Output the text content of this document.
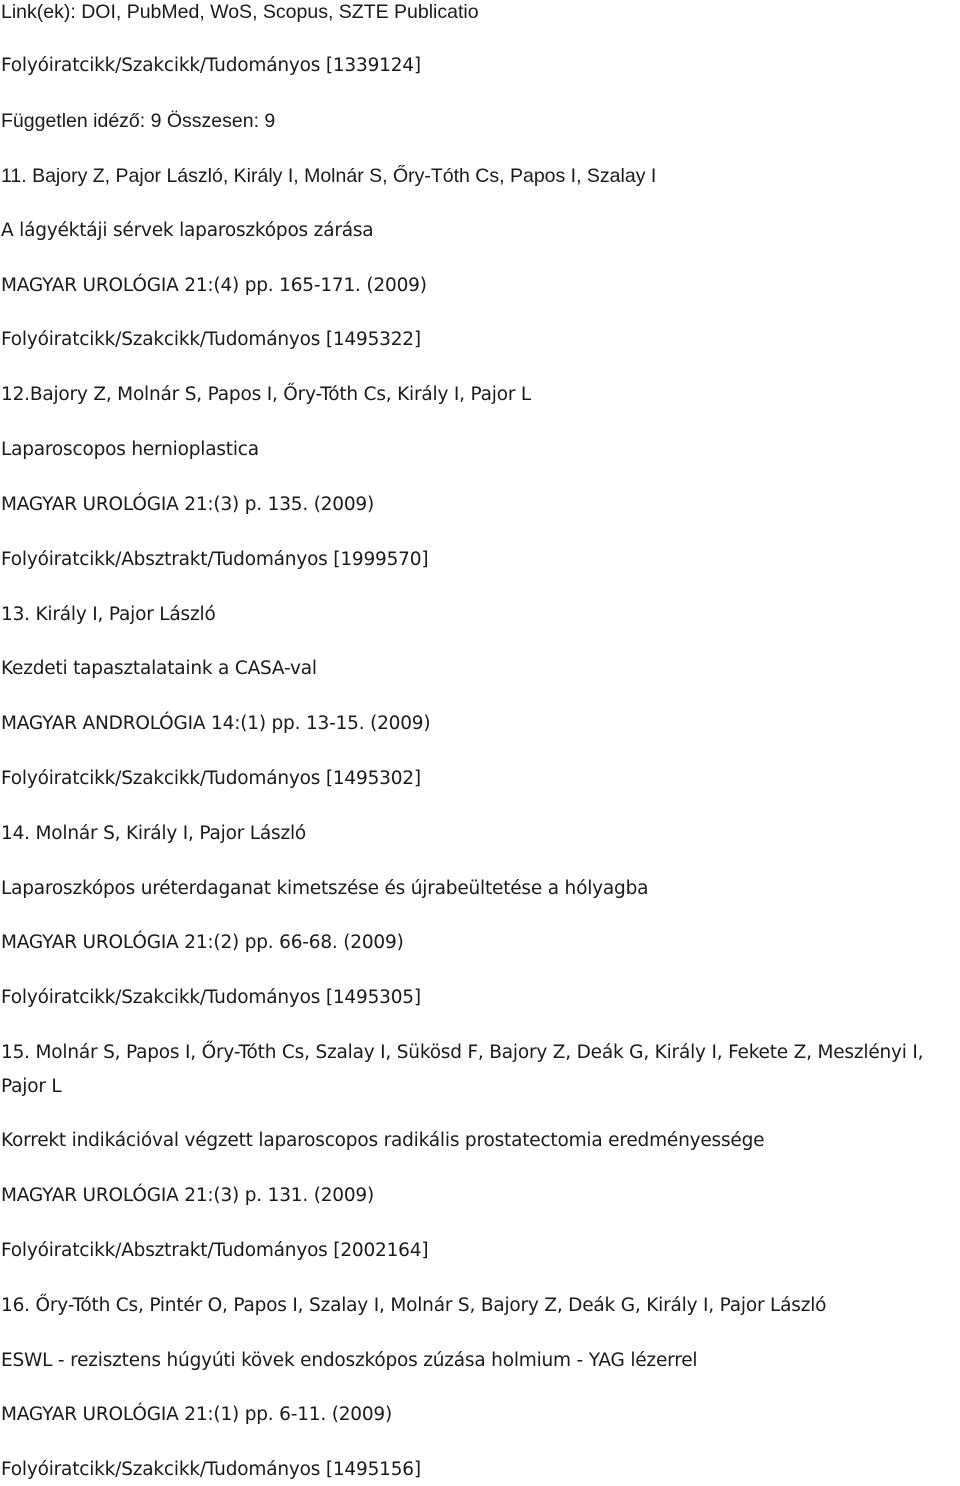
Link(ek): DOI, PubMed, WoS, Scopus, SZTE Publicatio

Folyóiratcikk/Szakcikk/Tudományos [1339124]

Független idéző: 9 Összesen: 9

11. Bajory Z, Pajor László, Király I, Molnár S, Őry-Tóth Cs, Papos I, Szalay I

A lágyéktáji sérvek laparoszkópos zárása

MAGYAR UROLÓGIA 21:(4) pp. 165-171. (2009)

Folyóiratcikk/Szakcikk/Tudományos [1495322]

12.Bajory Z, Molnár S, Papos I, Őry-Tóth Cs, Király I, Pajor L

Laparoscopos hernioplastica

MAGYAR UROLÓGIA 21:(3) p. 135. (2009)

Folyóiratcikk/Absztrakt/Tudományos [1999570]

13. Király I, Pajor László

Kezdeti tapasztalataink a CASA-val

MAGYAR ANDROLÓGIA 14:(1) pp. 13-15. (2009)

Folyóiratcikk/Szakcikk/Tudományos [1495302]

14. Molnár S, Király I, Pajor László

Laparoszkópos uréterdaganat kimetszése és újrabeültetése a hólyagba

MAGYAR UROLÓGIA 21:(2) pp. 66-68. (2009)

Folyóiratcikk/Szakcikk/Tudományos [1495305]

15. Molnár S, Papos I, Őry-Tóth Cs, Szalay I, Sükösd F, Bajory Z, Deák G, Király I, Fekete Z, Meszlényi I, Pajor L

Korrekt indikációval végzett laparoscopos radikális prostatectomia eredményessége

MAGYAR UROLÓGIA 21:(3) p. 131. (2009)

Folyóiratcikk/Absztrakt/Tudományos [2002164]

16. Őry-Tóth Cs, Pintér O, Papos I, Szalay I, Molnár S, Bajory Z, Deák G, Király I, Pajor László

ESWL - rezisztens húgyúti kövek endoszkópos zúzása holmium - YAG lézerrel

MAGYAR UROLÓGIA 21:(1) pp. 6-11. (2009)

Folyóiratcikk/Szakcikk/Tudományos [1495156]
